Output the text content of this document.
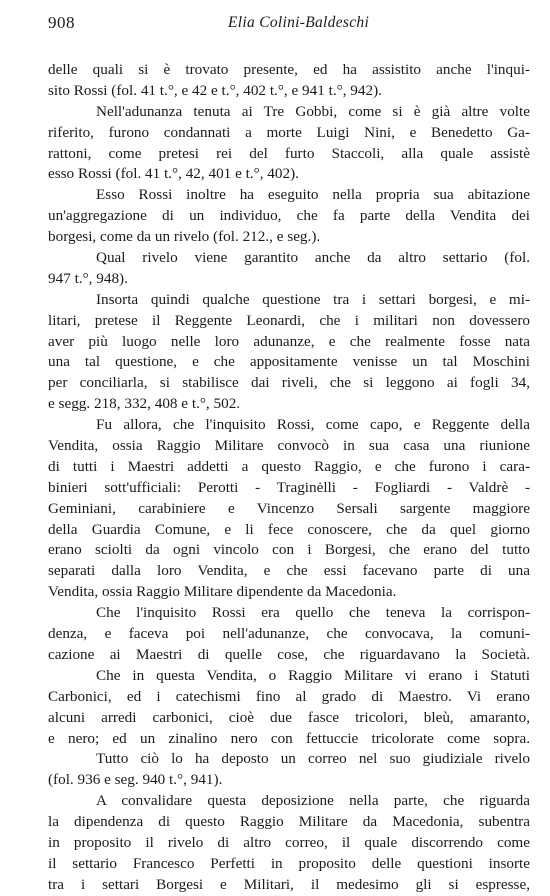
908	Elia Colini-Baldeschi
delle quali si è trovato presente, ed ha assistito anche l'inqui-
sito Rossi (fol. 41 t.°, e 42 e t.°, 402 t.°, e 941 t.°, 942).
Nell'adunanza tenuta ai Tre Gobbi, come si è già altre volte
riferito, furono condannati a morte Luigi Nini, e Benedetto Ga-
rattoni, come pretesi rei del furto Staccoli, alla quale assistè
esso Rossi (fol. 41 t.°, 42, 401 e t.°, 402).
Esso Rossi inoltre ha eseguito nella propria sua abitazione
un'aggregazione di un individuo, che fa parte della Vendita dei
borgesi, come da un rivelo (fol. 212., e seg.).
Qual rivelo viene garantito anche da altro settario (fol.
947 t.°, 948).
Insorta quindi qualche questione tra i settari borgesi, e mi-
litari, pretese il Reggente Leonardi, che i militari non dovessero
aver più luogo nelle loro adunanze, e che realmente fosse nata
una tal questione, e che appositamente venisse un tal Moschini
per conciliarla, si stabilisce dai riveli, che si leggono ai fogli 34,
e segg. 218, 332, 408 e t.°, 502.
Fu allora, che l'inquisito Rossi, come capo, e Reggente della
Vendita, ossia Raggio Militare convocò in sua casa una riunione
di tutti i Maestri addetti a questo Raggio, e che furono i cara-
binieri sott'ufficiali: Perotti - Traginėlli - Fogliardi - Valdrè -
Geminiani, carabiniere e Vincenzo Sersali sargente maggiore
della Guardia Comune, e li fece conoscere, che da quel giorno
erano sciolti da ogni vincolo con i Borgesi, che erano del tutto
separati dalla loro Vendita, e che essi facevano parte di una
Vendita, ossia Raggio Militare dipendente da Macedonia.
Che l'inquisito Rossi era quello che teneva la corrispon-
denza, e faceva poi nell'adunanze, che convocava, la comuni-
cazione ai Maestri di quelle cose, che riguardavano la Società.
Che in questa Vendita, o Raggio Militare vi erano i Statuti
Carbonici, ed i catechismi fino al grado di Maestro. Vi erano
alcuni arredi carbonici, cioè due fasce tricolori, bleù, amaranto,
e nero; ed un zinalino nero con fettuccie tricolorate come sopra.
Tutto ciò lo ha deposto un correo nel suo giudiziale rivelo
(fol. 936 e seg. 940 t.°, 941).
A convalidare questa deposizione nella parte, che riguarda
la dipendenza di questo Raggio Militare da Macedonia, subentra
in proposito il rivelo di altro correo, il quale discorrendo come
il settario Francesco Perfetti in proposito delle questioni insorte
tra i settari Borgesi e Militari, il medesimo gli si espresse,
